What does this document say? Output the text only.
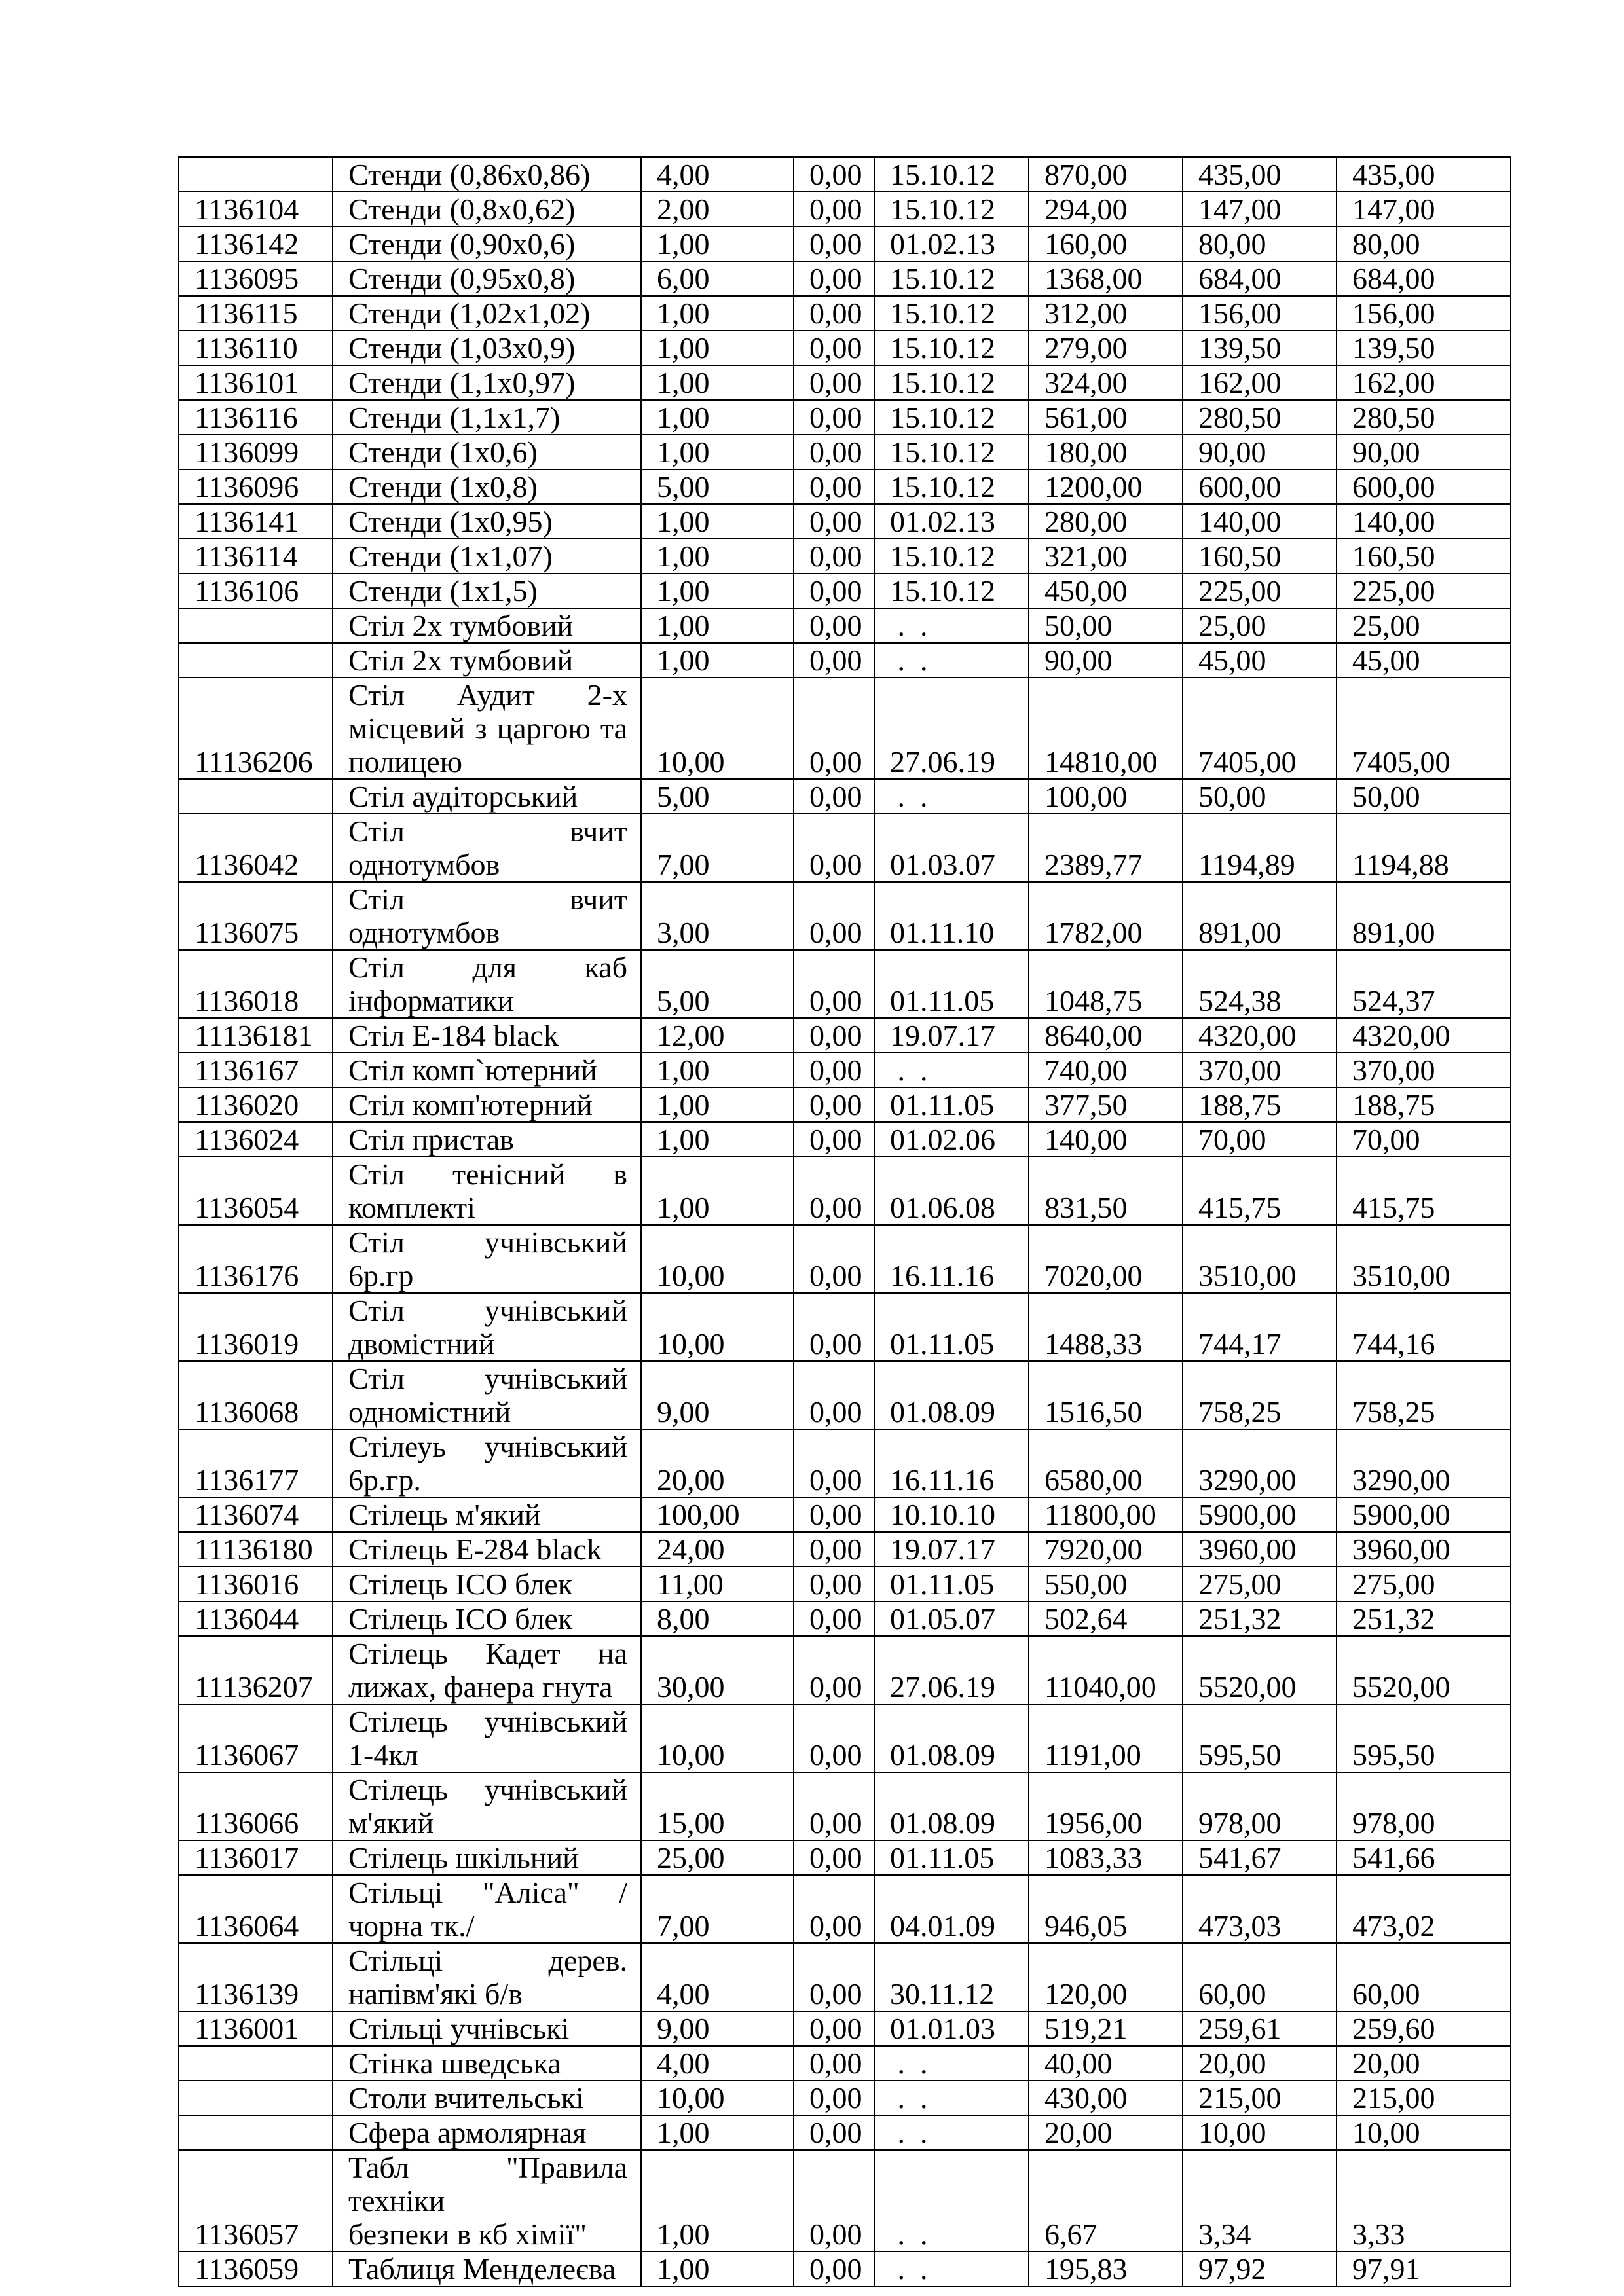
	Стенди (0,86x0,86)	4,00	0,00	15.10.12	870,00	435,00	435,00
1136104	Стенди (0,8x0,62)	2,00	0,00	15.10.12	294,00	147,00	147,00
1136142	Стенди (0,90x0,6)	1,00	0,00	01.02.13	160,00	80,00	80,00
1136095	Стенди (0,95x0,8)	6,00	0,00	15.10.12	1368,00	684,00	684,00
1136115	Стенди (1,02x1,02)	1,00	0,00	15.10.12	312,00	156,00	156,00
1136110	Стенди (1,03x0,9)	1,00	0,00	15.10.12	279,00	139,50	139,50
1136101	Стенди (1,1x0,97)	1,00	0,00	15.10.12	324,00	162,00	162,00
1136116	Стенди (1,1x1,7)	1,00	0,00	15.10.12	561,00	280,50	280,50
1136099	Стенди (1x0,6)	1,00	0,00	15.10.12	180,00	90,00	90,00
1136096	Стенди (1x0,8)	5,00	0,00	15.10.12	1200,00	600,00	600,00
1136141	Стенди (1x0,95)	1,00	0,00	01.02.13	280,00	140,00	140,00
1136114	Стенди (1x1,07)	1,00	0,00	15.10.12	321,00	160,50	160,50
1136106	Стенди (1x1,5)	1,00	0,00	15.10.12	450,00	225,00	225,00

	Стіл 2х тумбовий	1,00	0,00	.  .	50,00	25,00	25,00

	Стіл 2х тумбовий	1,00	0,00	.  .	90,00	45,00	45,00
11136206	Стіл Аудит 2-х
місцевий з царгою та
полицею	10,00	0,00	27.06.19	14810,00	7405,00	7405,00

	Стіл аудіторський	5,00	0,00	.  .	100,00	50,00	50,00
1136042	Стіл вчит однотумбов	7,00	0,00	01.03.07	2389,77	1194,89	1194,88
1136075	Стіл вчит однотумбов	3,00	0,00	01.11.10	1782,00	891,00	891,00
1136018	Стіл для каб
інформатики	5,00	0,00	01.11.05	1048,75	524,38	524,37
11136181	Стіл Е-184 black	12,00	0,00	19.07.17	8640,00	4320,00	4320,00
1136167	Стіл комп`ютерний	1,00	0,00	.  .	740,00	370,00	370,00
1136020	Стіл комп'ютерний	1,00	0,00	01.11.05	377,50	188,75	188,75
1136024	Стіл пристав	1,00	0,00	01.02.06	140,00	70,00	70,00
1136054	Стіл тенісний в
комплекті	1,00	0,00	01.06.08	831,50	415,75	415,75
1136176	Стіл учнівський 6р.гр	10,00	0,00	16.11.16	7020,00	3510,00	3510,00
1136019	Стіл учнівський
двомістний	10,00	0,00	01.11.05	1488,33	744,17	744,16
1136068	Стіл учнівський
одномістний	9,00	0,00	01.08.09	1516,50	758,25	758,25
1136177	Стілеуь учнівський
6р.гр.	20,00	0,00	16.11.16	6580,00	3290,00	3290,00
1136074	Стілець м'який	100,00	0,00	10.10.10	11800,00	5900,00	5900,00
11136180	Стілець Е-284 black	24,00	0,00	19.07.17	7920,00	3960,00	3960,00
1136016	Стілець ІСО блек	11,00	0,00	01.11.05	550,00	275,00	275,00
1136044	Стілець ІСО блек	8,00	0,00	01.05.07	502,64	251,32	251,32
11136207	Стілець Кадет на
лижах, фанера гнута	30,00	0,00	27.06.19	11040,00	5520,00	5520,00
1136067	Стілець учнівський
1-4кл	10,00	0,00	01.08.09	1191,00	595,50	595,50
1136066	Стілець учнівський
м'який	15,00	0,00	01.08.09	1956,00	978,00	978,00
1136017	Стілець шкільний	25,00	0,00	01.11.05	1083,33	541,67	541,66
1136064	Стільці "Аліса" /
чорна тк./	7,00	0,00	04.01.09	946,05	473,03	473,02
1136139	Стільці дерев.
напівм'які б/в	4,00	0,00	30.11.12	120,00	60,00	60,00
1136001	Стільці учнівські	9,00	0,00	01.01.03	519,21	259,61	259,60

	Стінка шведська	4,00	0,00	.  .	40,00	20,00	20,00

	Столи вчительські	10,00	0,00	.  .	430,00	215,00	215,00

	Сфера армолярная	1,00	0,00	.  .	20,00	10,00	10,00
1136057	Табл "Правила техніки
безпеки в кб хімії"	1,00	0,00	.  .	6,67	3,34	3,33
1136059	Таблиця Менделеєва	1,00	0,00	.  .	195,83	97,92	97,91
